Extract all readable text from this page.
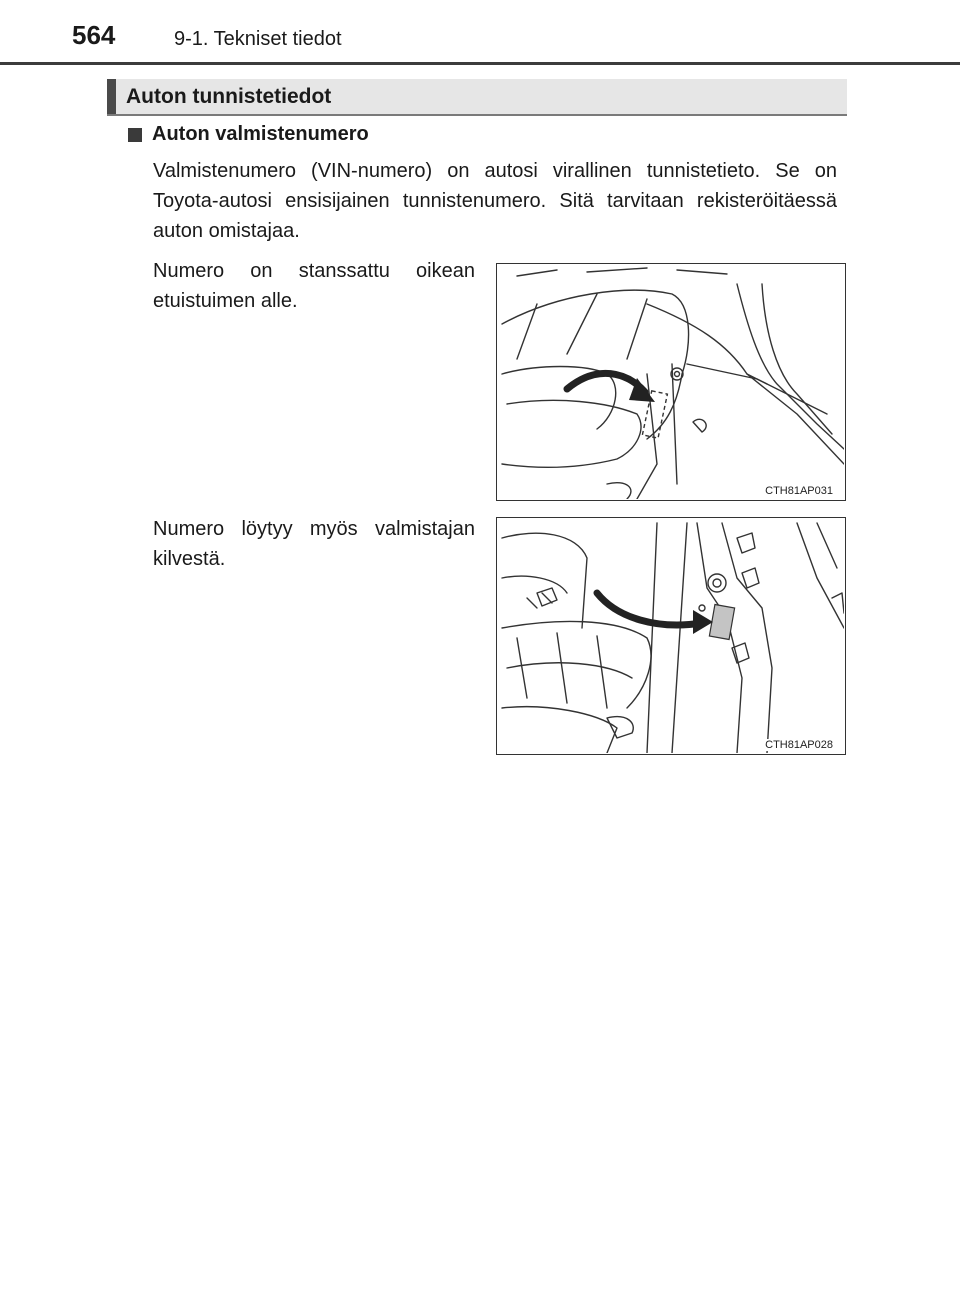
564	9-1. Tekniset tiedot
Auton tunnistetiedot
Auton valmistenumero
Valmistenumero (VIN-numero) on autosi virallinen tunnistetieto. Se on Toyota-autosi ensisijainen tunnistenumero. Sitä tarvitaan rekisteröitäessä auton omistajaa.
Numero on stanssattu oikean etuistuimen alle.
CTH81AP031
Numero löytyy myös valmistajan kilvestä.
CTH81AP028
